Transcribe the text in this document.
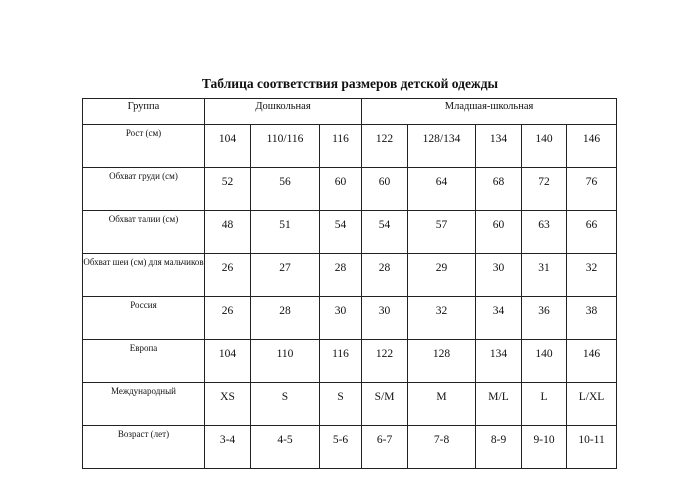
Таблица соответствия размеров детской одежды
Группа	Дошкольная			Младшая-школьная				
Рост (см)	104	110/116	116	122	128/134	134	140	146
Обхват груди (см)	52	56	60	60	64	68	72	76
Обхват талии (см)	48	51	54	54	57	60	63	66
Обхват шеи (см) для мальчиков	26	27	28	28	29	30	31	32
Россия	26	28	30	30	32	34	36	38
Европа	104	110	116	122	128	134	140	146
Международный	XS	S	S	S/M	M	M/L	L	L/XL
Возраст (лет)	3-4	4-5	5-6	6-7	7-8	8-9	9-10	10-11
